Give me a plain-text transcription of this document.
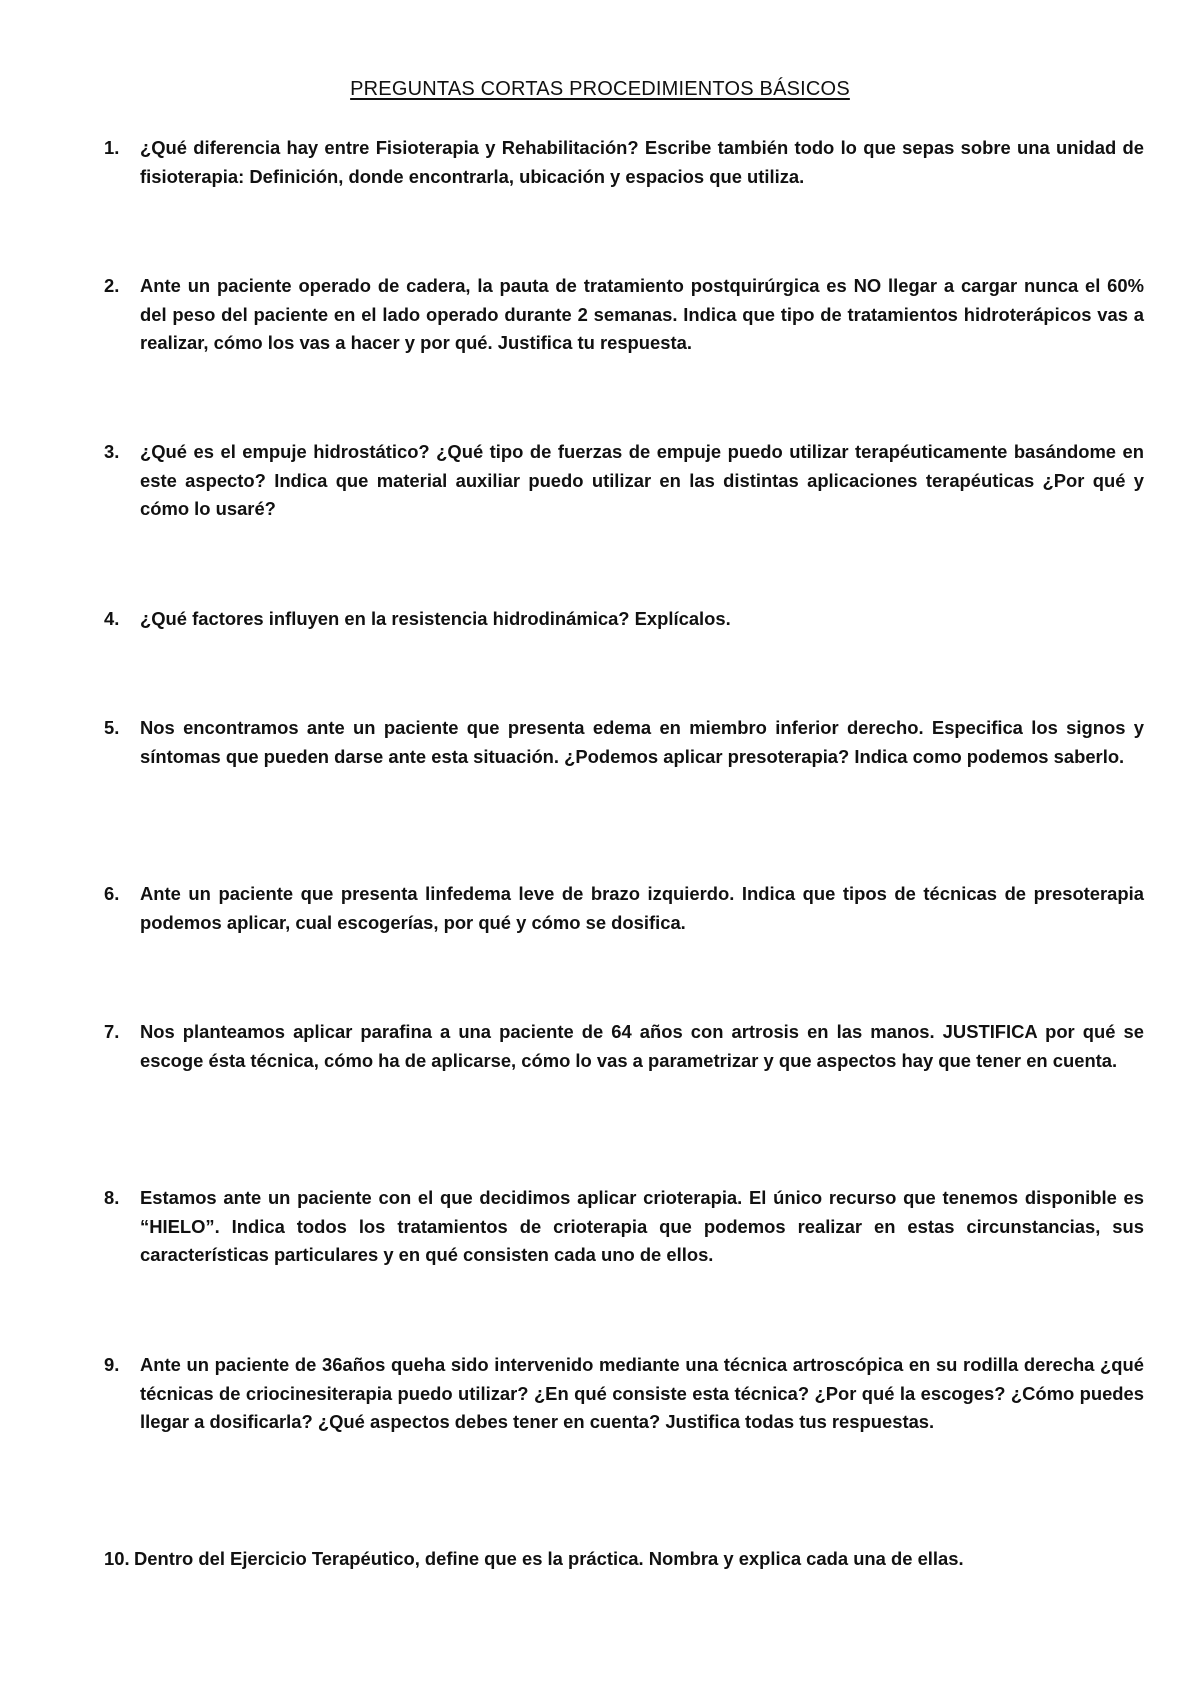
PREGUNTAS CORTAS PROCEDIMIENTOS BÁSICOS
1.	¿Qué diferencia hay entre Fisioterapia y Rehabilitación? Escribe también todo lo que sepas sobre una unidad de fisioterapia: Definición, donde encontrarla, ubicación y espacios que utiliza.
2.	Ante un paciente operado de cadera, la pauta de tratamiento postquirúrgica es NO llegar a cargar nunca el 60% del peso del paciente en el lado operado durante 2 semanas. Indica que tipo de tratamientos hidroterápicos vas a realizar, cómo los vas a hacer y por qué. Justifica tu respuesta.
3.	¿Qué es el empuje hidrostático? ¿Qué tipo de fuerzas de empuje puedo utilizar terapéuticamente basándome en este aspecto? Indica que material auxiliar puedo utilizar en las distintas aplicaciones terapéuticas ¿Por qué y cómo lo usaré?
4.	¿Qué factores influyen en la resistencia hidrodinámica? Explícalos.
5.	Nos encontramos ante un paciente que presenta edema en miembro inferior derecho. Especifica los signos y síntomas que pueden darse ante esta situación. ¿Podemos aplicar presoterapia? Indica como podemos saberlo.
6.	Ante un paciente que presenta linfedema leve de brazo izquierdo. Indica que tipos de técnicas de presoterapia podemos aplicar, cual escogerías, por qué y cómo se dosifica.
7.	Nos planteamos aplicar parafina a una paciente de 64 años con artrosis en las manos. JUSTIFICA por qué se escoge ésta técnica, cómo ha de aplicarse, cómo lo vas a parametrizar y que aspectos hay que tener en cuenta.
8.	Estamos ante un paciente con el que decidimos aplicar crioterapia. El único recurso que tenemos disponible es “HIELO”. Indica todos los tratamientos de crioterapia que podemos realizar en estas circunstancias, sus características particulares y en qué consisten cada uno de ellos.
9.	Ante un paciente de 36años queha sido intervenido mediante una técnica artroscópica en su rodilla derecha ¿qué técnicas de criocinesiterapia puedo utilizar? ¿En qué consiste esta técnica? ¿Por qué la escoges? ¿Cómo puedes llegar a dosificarla? ¿Qué aspectos debes tener en cuenta? Justifica todas tus respuestas.
10. Dentro del Ejercicio Terapéutico, define que es la práctica. Nombra y explica cada una de ellas.
